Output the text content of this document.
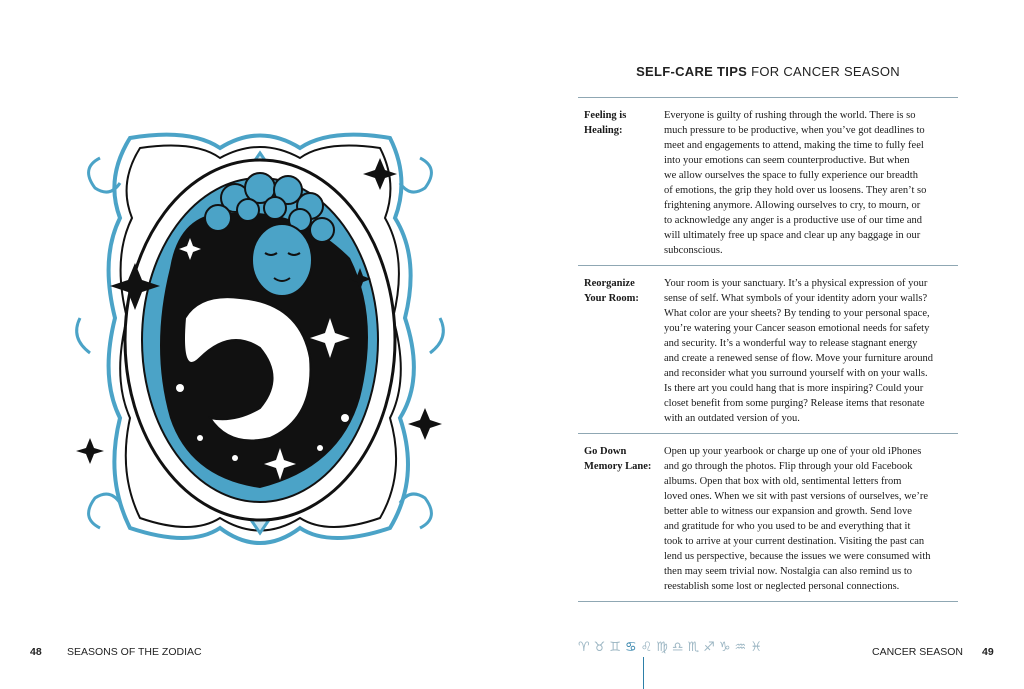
SELF-CARE TIPS FOR CANCER SEASON
Feeling is
Healing:
Everyone is guilty of rushing through the world. There is so
much pressure to be productive, when you’ve got deadlines to
meet and engagements to attend, making the time to fully feel
into your emotions can seem counterproductive. But when
we allow ourselves the space to fully experience our breadth
of emotions, the grip they hold over us loosens. They aren’t so
frightening anymore. Allowing ourselves to cry, to mourn, or
to acknowledge any anger is a productive use of our time and
will ultimately free up space and clear up any baggage in our
subconscious.
Reorganize
Your Room:
Your room is your sanctuary. It’s a physical expression of your
sense of self. What symbols of your identity adorn your walls?
What color are your sheets? By tending to your personal space,
you’re watering your Cancer season emotional needs for safety
and security. It’s a wonderful way to release stagnant energy
and create a renewed sense of flow. Move your furniture around
and reconsider what you surround yourself with on your walls.
Is there art you could hang that is more inspiring? Could your
closet benefit from some purging? Release items that resonate
with an outdated version of you.
Go Down
Memory Lane:
Open up your yearbook or charge up one of your old iPhones
and go through the photos. Flip through your old Facebook
albums. Open that box with old, sentimental letters from
loved ones. When we sit with past versions of ourselves, we’re
better able to witness our expansion and growth. Send love
and gratitude for who you used to be and everything that it
took to arrive at your current destination. Visiting the past can
lend us perspective, because the issues we were consumed with
then may seem trivial now. Nostalgia can also remind us to
reestablish some lost or neglected personal connections.
48 SEASONS OF THE ZODIAC	♈♉♊♋♌♍♎♏♐♑♒♓	CANCER SEASON 49
